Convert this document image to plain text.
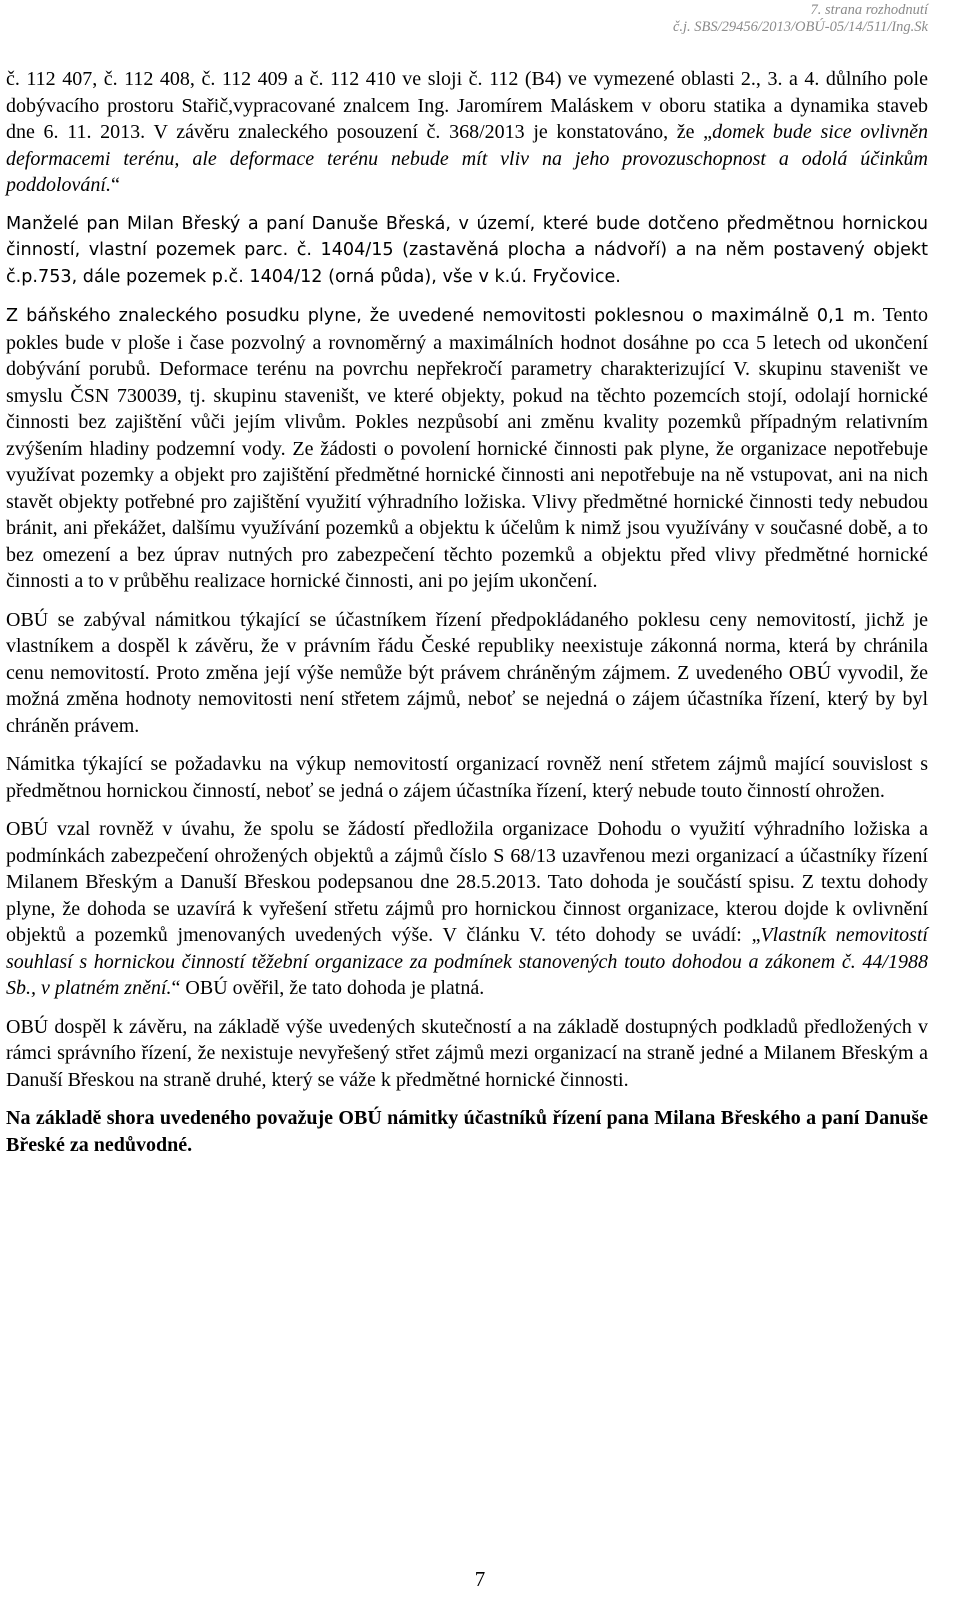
7. strana rozhodnutí
č.j. SBS/29456/2013/OBÚ-05/14/511/Ing.Sk

č. 112 407, č. 112 408, č. 112 409 a č. 112 410 ve sloji č. 112 (B4) ve vymezené oblasti 2., 3. a 4. důlního pole dobývacího prostoru Stařič,vypracované znalcem Ing. Jaromírem Maláskem v oboru statika a dynamika staveb dne 6. 11. 2013. V závěru znaleckého posouzení č. 368/2013 je konstatováno, že „domek bude sice ovlivněn deformacemi terénu, ale deformace terénu nebude mít vliv na jeho provozuschopnost a odolá účinkům poddolování.“

Manželé pan Milan Břeský a paní Danuše Břeská, v území, které bude dotčeno předmětnou hornickou činností, vlastní pozemek parc. č. 1404/15 (zastavěná plocha a nádvoří) a na něm postavený objekt č.p.753, dále pozemek p.č. 1404/12 (orná půda), vše v k.ú. Fryčovice.

Z báňského znaleckého posudku plyne, že uvedené nemovitosti poklesnou o maximálně 0,1 m. Tento pokles bude v ploše i čase pozvolný a rovnoměrný a maximálních hodnot dosáhne po cca 5 letech od ukončení dobývání porubů. Deformace terénu na povrchu nepřekročí parametry charakterizující V. skupinu staveništ ve smyslu ČSN 730039, tj. skupinu staveništ, ve které objekty, pokud na těchto pozemcích stojí, odolají hornické činnosti bez zajištění vůči jejím vlivům. Pokles nezpůsobí ani změnu kvality pozemků případným relativním zvýšením hladiny podzemní vody. Ze žádosti o povolení hornické činnosti pak plyne, že organizace nepotřebuje využívat pozemky a objekt pro zajištění předmětné hornické činnosti ani nepotřebuje na ně vstupovat, ani na nich stavět objekty potřebné pro zajištění využití výhradního ložiska. Vlivy předmětné hornické činnosti tedy nebudou bránit, ani překážet, dalšímu využívání pozemků a objektu k účelům k nimž jsou využívány v současné době, a to bez omezení a bez úprav nutných pro zabezpečení těchto pozemků a objektu před vlivy předmětné hornické činnosti a to v průběhu realizace hornické činnosti, ani po jejím ukončení.

OBÚ se zabýval námitkou týkající se účastníkem řízení předpokládaného poklesu ceny nemovitostí, jichž je vlastníkem a dospěl k závěru, že v právním řádu České republiky neexistuje zákonná norma, která by chránila cenu nemovitostí. Proto změna její výše nemůže být právem chráněným zájmem. Z uvedeného OBÚ vyvodil, že možná změna hodnoty nemovitosti není střetem zájmů, neboť se nejedná o zájem účastníka řízení, který by byl chráněn právem.

Námitka týkající se požadavku na výkup nemovitostí organizací rovněž není střetem zájmů mající souvislost s předmětnou hornickou činností, neboť se jedná o zájem účastníka řízení, který nebude touto činností ohrožen.

OBÚ vzal rovněž v úvahu, že spolu se žádostí předložila organizace Dohodu o využití výhradního ložiska a podmínkách zabezpečení ohrožených objektů a zájmů číslo S 68/13 uzavřenou mezi organizací a účastníky řízení Milanem Břeským a Danuší Břeskou podepsanou dne 28.5.2013. Tato dohoda je součástí spisu. Z textu dohody plyne, že dohoda se uzavírá k vyřešení střetu zájmů pro hornickou činnost organizace, kterou dojde k ovlivnění objektů a pozemků jmenovaných uvedených výše. V článku V. této dohody se uvádí: „Vlastník nemovitostí souhlasí s hornickou činností těžební organizace za podmínek stanovených touto dohodou a zákonem č. 44/1988 Sb., v platném znění.“ OBÚ ověřil, že tato dohoda je platná.

OBÚ dospěl k závěru, na základě výše uvedených skutečností a na základě dostupných podkladů předložených v rámci správního řízení, že nexistuje nevyřešený střet zájmů mezi organizací na straně jedné a Milanem Břeským a Danuší Břeskou na straně druhé, který se váže k předmětné hornické činnosti.

Na základě shora uvedeného považuje OBÚ námitky účastníků řízení pana Milana Břeského a paní Danuše Břeské za nedůvodné.

7
